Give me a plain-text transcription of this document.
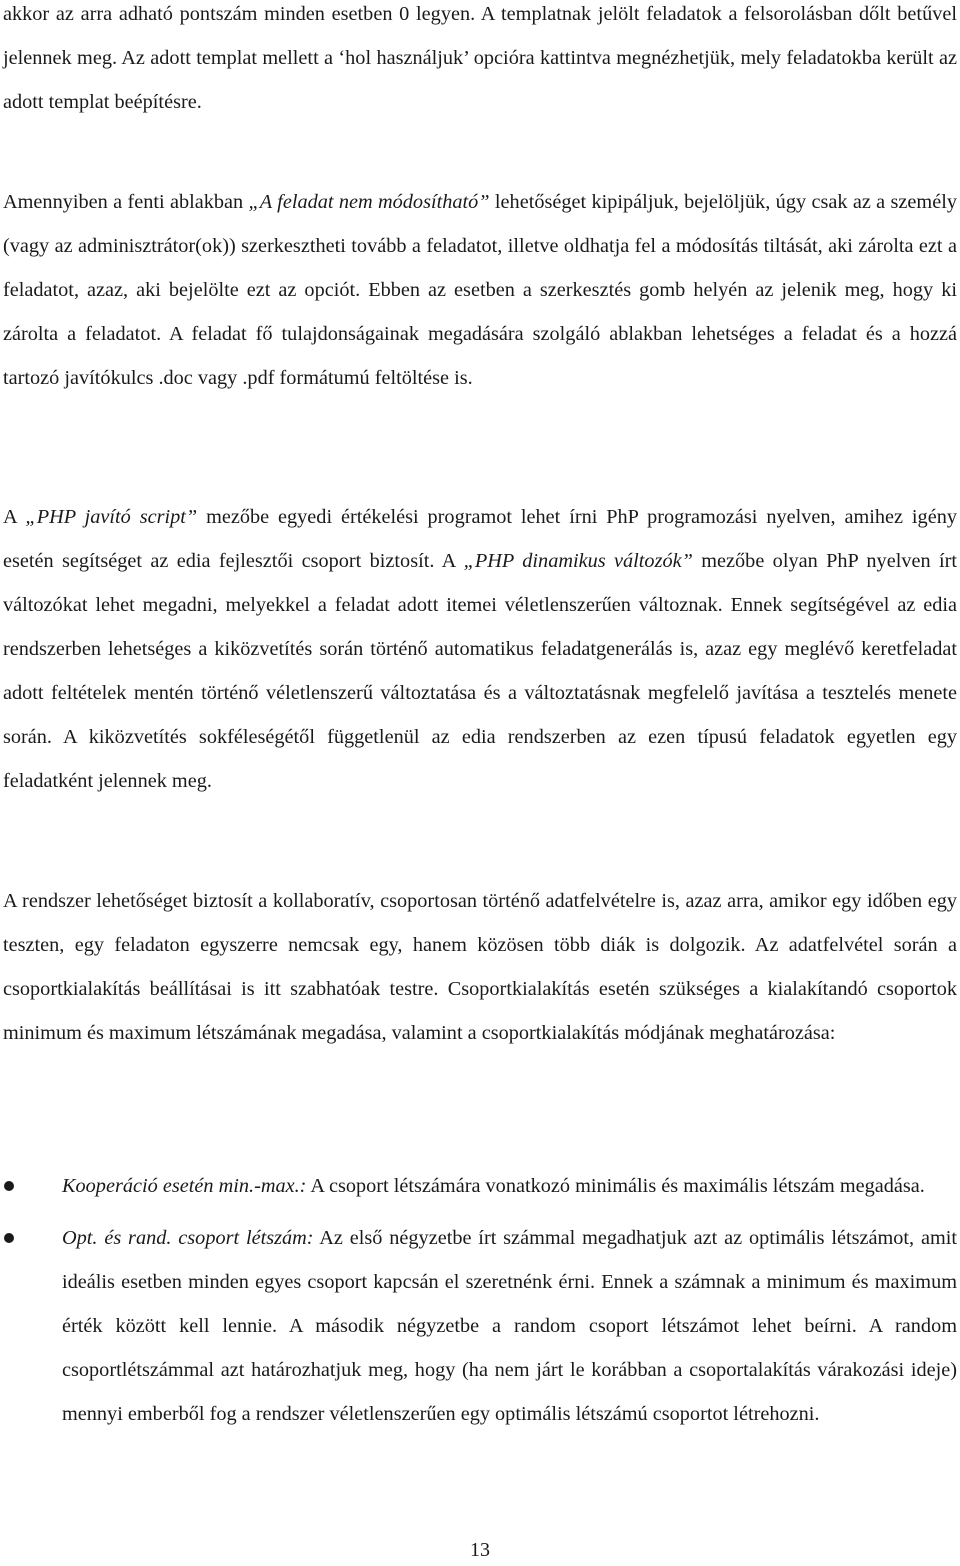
akkor az arra adható pontszám minden esetben 0 legyen. A templatnak jelölt feladatok a felsorolásban dőlt betűvel jelennek meg. Az adott templat mellett a ‘hol használjuk’ opcióra kattintva megnézhetjük, mely feladatokba került az adott templat beépítésre.

Amennyiben a fenti ablakban „A feladat nem módosítható” lehetőséget kipipáljuk, bejelöljük, úgy csak az a személy (vagy az adminisztrátor(ok)) szerkesztheti tovább a feladatot, illetve oldhatja fel a módosítás tiltását, aki zárolta ezt a feladatot, azaz, aki bejelölte ezt az opciót. Ebben az esetben a szerkesztés gomb helyén az jelenik meg, hogy ki zárolta a feladatot. A feladat fő tulajdonságainak megadására szolgáló ablakban lehetséges a feladat és a hozzá tartozó javítókulcs .doc vagy .pdf formátumú feltöltése is.

A „PHP javító script” mezőbe egyedi értékelési programot lehet írni PhP programozási nyelven, amihez igény esetén segítséget az edia fejlesztői csoport biztosít. A „PHP dinamikus változók” mezőbe olyan PhP nyelven írt változókat lehet megadni, melyekkel a feladat adott itemei véletlenszerűen változnak. Ennek segítségével az edia rendszerben lehetséges a kiközvetítés során történő automatikus feladatgenerálás is, azaz egy meglévő keretfeladat adott feltételek mentén történő véletlenszerű változtatása és a változtatásnak megfelelő javítása a tesztelés menete során. A kiközvetítés sokféleségétől függetlenül az edia rendszerben az ezen típusú feladatok egyetlen egy feladatként jelennek meg.

A rendszer lehetőséget biztosít a kollaboratív, csoportosan történő adatfelvételre is, azaz arra, amikor egy időben egy teszten, egy feladaton egyszerre nemcsak egy, hanem közösen több diák is dolgozik. Az adatfelvétel során a csoportkialakítás beállításai is itt szabhatóak testre. Csoportkialakítás esetén szükséges a kialakítandó csoportok minimum és maximum létszámának megadása, valamint a csoportkialakítás módjának meghatározása:

Kooperáció esetén min.-max.: A csoport létszámára vonatkozó minimális és maximális létszám megadása.
Opt. és rand. csoport létszám: Az első négyzetbe írt számmal megadhatjuk azt az optimális létszámot, amit ideális esetben minden egyes csoport kapcsán el szeretnénk érni. Ennek a számnak a minimum és maximum érték között kell lennie. A második négyzetbe a random csoport létszámot lehet beírni. A random csoportlétszámmal azt határozhatjuk meg, hogy (ha nem járt le korábban a csoportalakítás várakozási ideje) mennyi emberből fog a rendszer véletlenszerűen egy optimális létszámú csoportot létrehozni.
13
